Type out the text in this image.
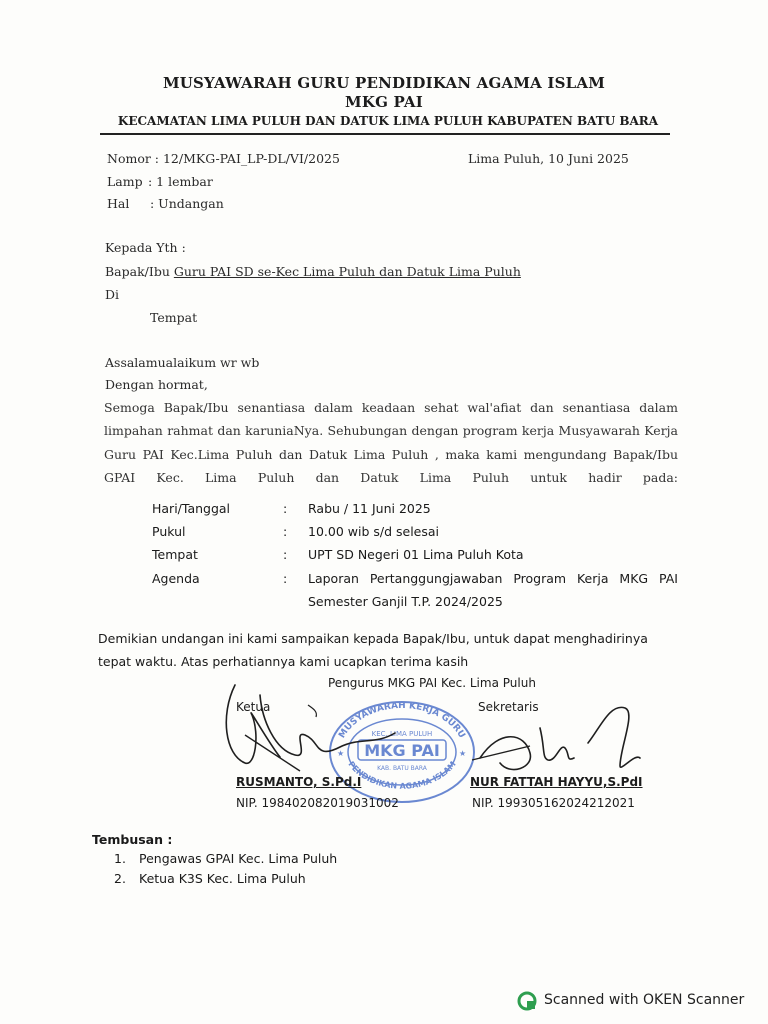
MUSYAWARAH GURU PENDIDIKAN AGAMA ISLAM
MKG PAI
KECAMATAN LIMA PULUH DAN DATUK LIMA PULUH KABUPATEN BATU BARA
Nomor : 12/MKG-PAI_LP-DL/VI/2025	Lima Puluh, 10 Juni 2025
Lamp : 1 lembar
Hal : Undangan
Kepada Yth :
Bapak/Ibu Guru PAI SD se-Kec Lima Puluh dan Datuk Lima Puluh
Di
Tempat
Assalamualaikum wr wb
Dengan hormat,
Semoga Bapak/Ibu senantiasa dalam keadaan sehat wal'afiat dan senantiasa dalam limpahan rahmat dan karuniaNya. Sehubungan dengan program kerja Musyawarah Kerja Guru PAI Kec.Lima Puluh dan Datuk Lima Puluh , maka kami mengundang Bapak/Ibu GPAI Kec. Lima Puluh dan Datuk Lima Puluh untuk hadir pada:
Hari/Tanggal	: Rabu / 11 Juni 2025
Pukul	: 10.00 wib s/d selesai
Tempat	: UPT SD Negeri 01 Lima Puluh Kota
Agenda	: Laporan Pertanggungjawaban Program Kerja MKG PAI
Semester Ganjil T.P. 2024/2025
Demikian undangan ini kami sampaikan kepada Bapak/Ibu, untuk dapat menghadirinya tepat waktu. Atas perhatiannya kami ucapkan terima kasih
Pengurus MKG PAI Kec. Lima Puluh
Ketua	Sekretaris
MUSYAWARAH KERJA GURU
PENDIDIKAN AGAMA ISLAM
KEC. LIMA PULUH
MKG PAI
KAB. BATU BARA
★	★
RUSMANTO, S.Pd.I	NUR FATTAH HAYYU,S.PdI
NIP. 198402082019031002	NIP. 199305162024212021
Tembusan :
1. Pengawas GPAI Kec. Lima Puluh
2. Ketua K3S Kec. Lima Puluh
Scanned with OKEN Scanner
